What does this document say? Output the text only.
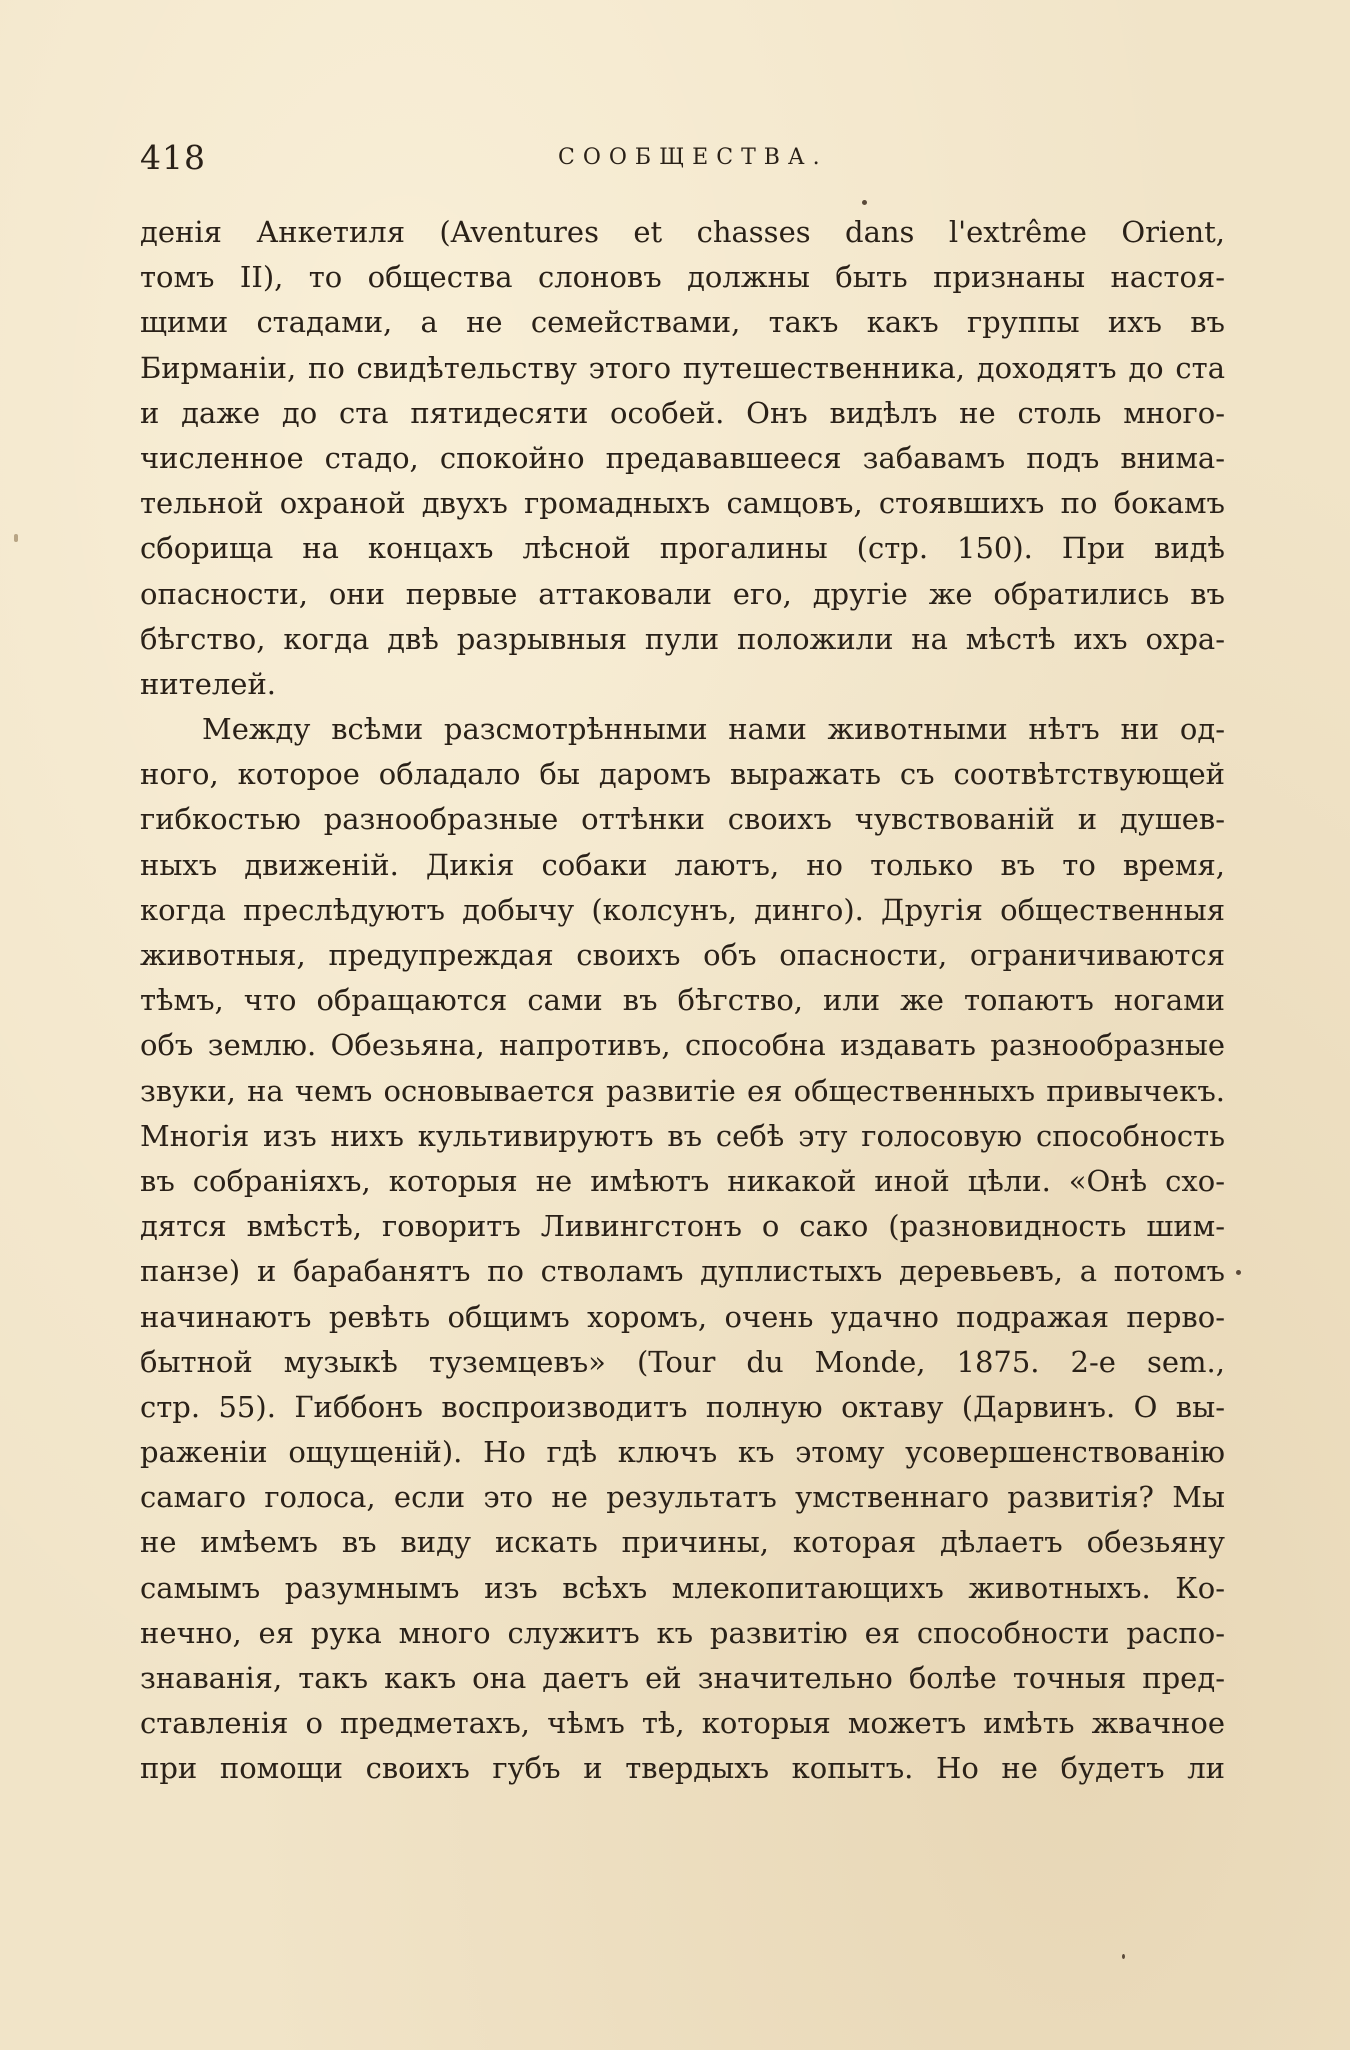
418	СООБЩЕСТВА.
денія Анкетиля (Aventures et chasses dans l'extrême Orient,
томъ II), то общества слоновъ должны быть признаны настоя-
щими стадами, а не семействами, такъ какъ группы ихъ въ
Бирманіи, по свидѣтельству этого путешественника, доходятъ до ста
и даже до ста пятидесяти особей. Онъ видѣлъ не столь много-
численное стадо, спокойно предававшееся забавамъ подъ внима-
тельной охраной двухъ громадныхъ самцовъ, стоявшихъ по бокамъ
сборища на концахъ лѣсной прогалины (стр. 150). При видѣ
опасности, они первые аттаковали его, другіе же обратились въ
бѣгство, когда двѣ разрывныя пули положили на мѣстѣ ихъ охра-
нителей.
Между всѣми разсмотрѣнными нами животными нѣтъ ни од-
ного, которое обладало бы даромъ выражать съ соотвѣтствующей
гибкостью разнообразные оттѣнки своихъ чувствованій и душев-
ныхъ движеній. Дикія собаки лаютъ, но только въ то время,
когда преслѣдуютъ добычу (колсунъ, динго). Другія общественныя
животныя, предупреждая своихъ объ опасности, ограничиваются
тѣмъ, что обращаются сами въ бѣгство, или же топаютъ ногами
объ землю. Обезьяна, напротивъ, способна издавать разнообразные
звуки, на чемъ основывается развитіе ея общественныхъ привычекъ.
Многія изъ нихъ культивируютъ въ себѣ эту голосовую способность
въ собраніяхъ, которыя не имѣютъ никакой иной цѣли. «Онѣ схо-
дятся вмѣстѣ, говоритъ Ливингстонъ о сако (разновидность шим-
панзе) и барабанятъ по стволамъ дуплистыхъ деревьевъ, а потомъ
начинаютъ ревѣть общимъ хоромъ, очень удачно подражая перво-
бытной музыкѣ туземцевъ» (Tour du Monde, 1875. 2-e sem.,
стр. 55). Гиббонъ воспроизводитъ полную октаву (Дарвинъ. О вы-
раженіи ощущеній). Но гдѣ ключъ къ этому усовершенствованію
самаго голоса, если это не результатъ умственнаго развитія? Мы
не имѣемъ въ виду искать причины, которая дѣлаетъ обезьяну
самымъ разумнымъ изъ всѣхъ млекопитающихъ животныхъ. Ко-
нечно, ея рука много служитъ къ развитію ея способности распо-
знаванія, такъ какъ она даетъ ей значительно болѣе точныя пред-
ставленія о предметахъ, чѣмъ тѣ, которыя можетъ имѣть жвачное
при помощи своихъ губъ и твердыхъ копытъ. Но не будетъ ли
